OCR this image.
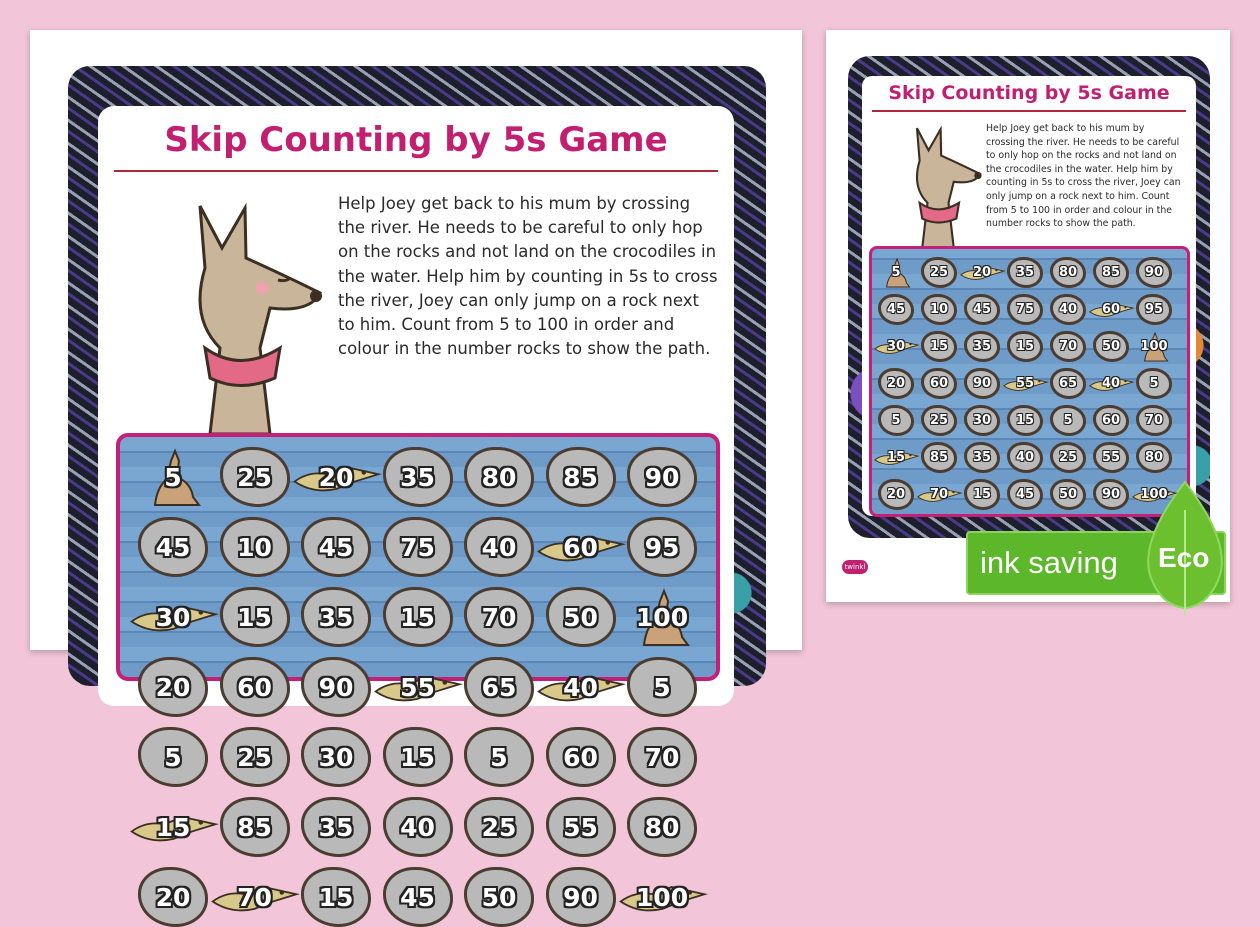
Skip Counting by 5s Game

Help Joey get back to his mum by crossing the river. He needs to be careful to only hop on the rocks and not land on the crocodiles in the water. Help him by counting in 5s to cross the river, Joey can only jump on a rock next to him. Count from 5 to 100 in order and colour in the number rocks to show the path.

5 25 20 35 80 85 90
45 10 45 75 40 60 95
30 15 35 15 70 50 100
20 60 90 55 65 40 5
5 25 30 15 5 60 70
15 85 35 40 25 55 80
20 70 15 45 50 90 100
Skip Counting by 5s Game

Help Joey get back to his mum by crossing the river. He needs to be careful to only hop on the rocks and not land on the crocodiles in the water. Help him by counting in 5s to cross the river, Joey can only jump on a rock next to him. Count from 5 to 100 in order and colour in the number rocks to show the path.

5 25 20 35 80 85 90
45 10 45 75 40 60 95
30 15 35 15 70 50 100
20 60 90 55 65 40 5
5 25 30 15 5 60 70
15 85 35 40 25 55 80
20 70 15 45 50 90 100
twinkl	ink saving Eco
